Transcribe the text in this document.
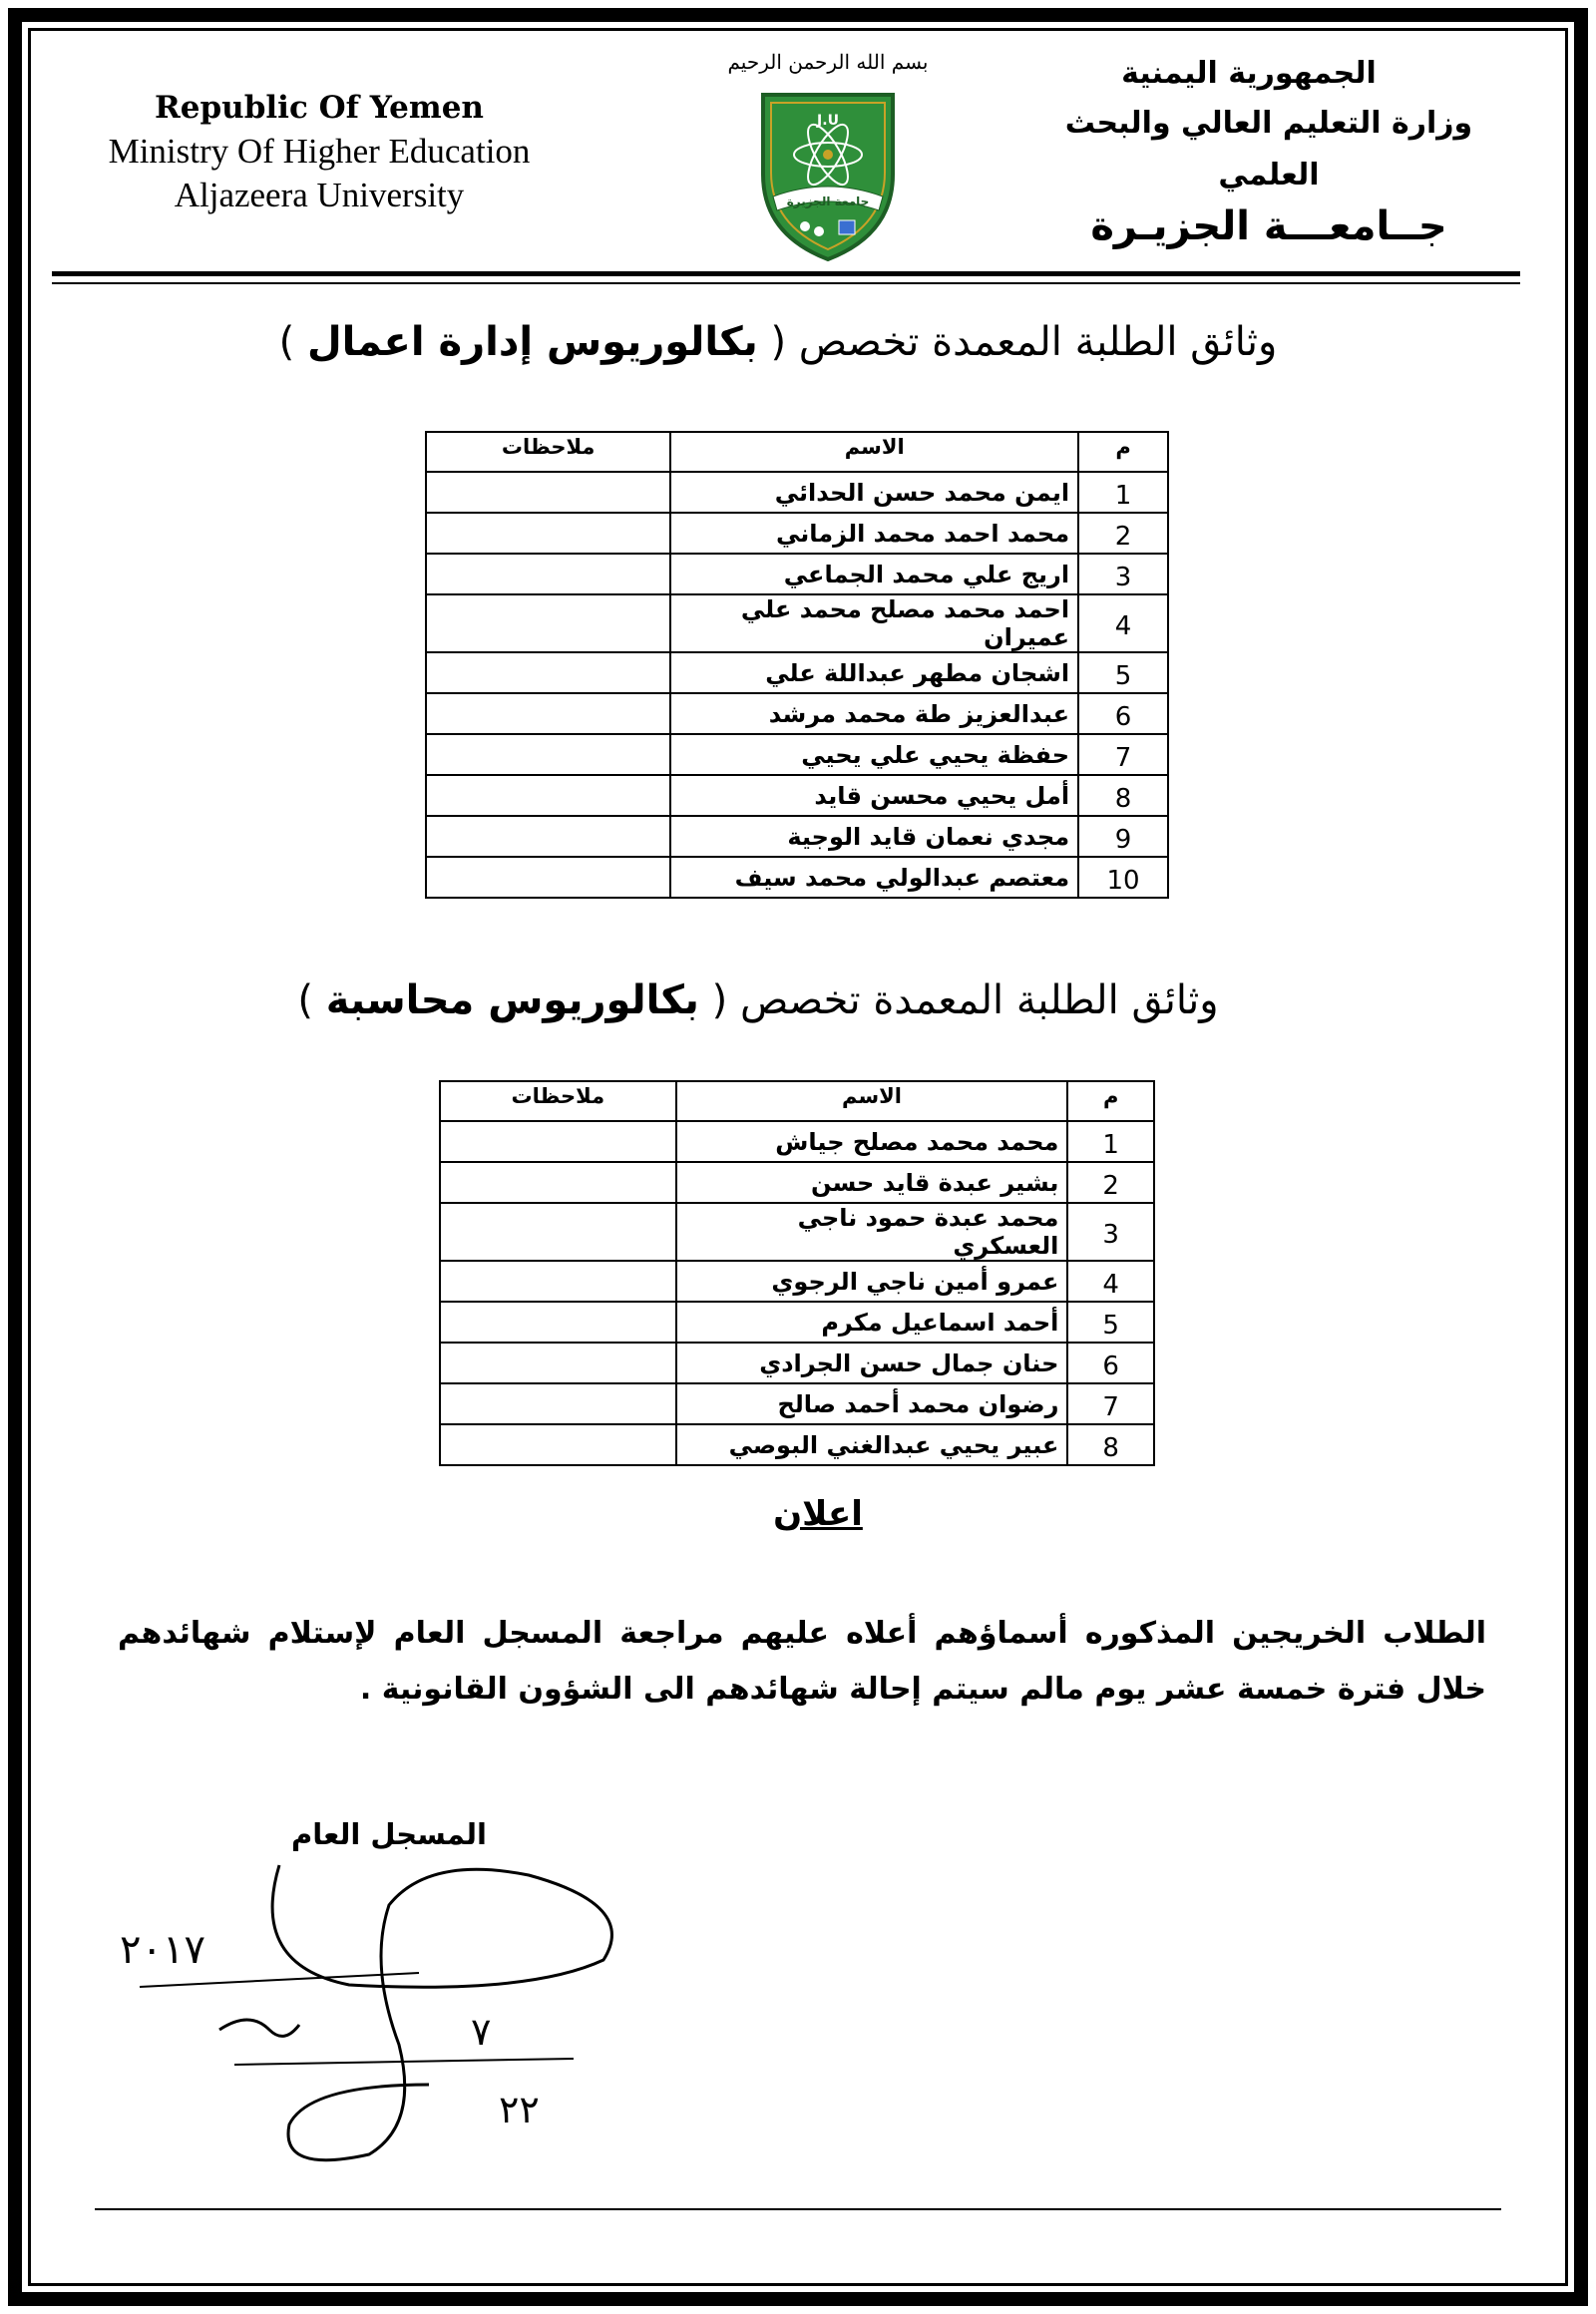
Republic Of Yemen
Ministry Of Higher Education
Aljazeera University
بسم الله الرحمن الرحيم
J.U
جامعة الجزيرة
الجمهورية اليمنية
وزارة التعليم العالي والبحث العلمي
جــامعـــة الجزيـرة
وثائق الطلبة المعمدة تخصص ( بكالوريوس إدارة اعمال )
م	الاسم	ملاحظات
1	ايمن محمد حسن الحدائي	
2	محمد احمد محمد الزماني	
3	اريج علي محمد الجماعي	
4	احمد محمد مصلح محمد علي عميران	
5	اشجان مطهر عبداللة علي	
6	عبدالعزيز طة محمد مرشد	
7	حفظة يحيي علي يحيي	
8	أمل يحيي محسن قايد	
9	مجدي نعمان قايد الوجية	
10	معتصم عبدالولي محمد سيف	
وثائق الطلبة المعمدة تخصص ( بكالوريوس محاسبة )
م	الاسم	ملاحظات
1	محمد محمد مصلح جياش	
2	بشير عبدة قايد حسن	
3	محمد عبدة حمود ناجي العسكري	
4	عمرو أمين ناجي الرجوي	
5	أحمد اسماعيل مكرم	
6	حنان جمال حسن الجرادي	
7	رضوان محمد أحمد صالح	
8	عبير يحيي عبدالغني البوصي	
اعلان
الطلاب الخريجين المذكوره أسماؤهم أعلاه عليهم مراجعة المسجل العام لإستلام شهائدهم خلال فترة خمسة عشر يوم مالم سيتم إحالة شهائدهم الى الشؤون القانونية .
المسجل العام
٢٠١٧
٧
٢٢
